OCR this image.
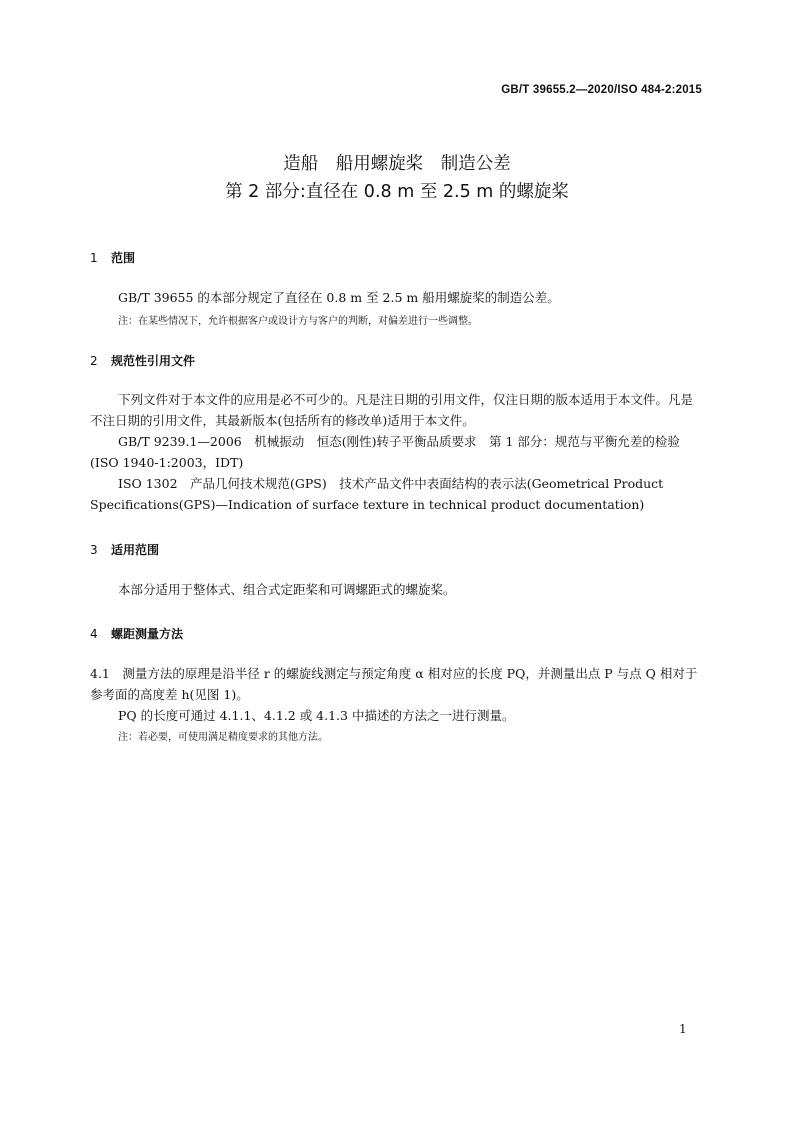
GB/T 39655.2—2020/ISO 484-2:2015
造船　船用螺旋桨　制造公差
第 2 部分:直径在 0.8 m 至 2.5 m 的螺旋桨
1 范围
GB/T 39655 的本部分规定了直径在 0.8 m 至 2.5 m 船用螺旋桨的制造公差。
注：在某些情况下，允许根据客户或设计方与客户的判断，对偏差进行一些调整。
2 规范性引用文件
下列文件对于本文件的应用是必不可少的。凡是注日期的引用文件，仅注日期的版本适用于本文件。凡是不注日期的引用文件，其最新版本(包括所有的修改单)适用于本文件。
GB/T 9239.1—2006　机械振动　恒态(刚性)转子平衡品质要求　第 1 部分：规范与平衡允差的检验(ISO 1940-1:2003，IDT)
ISO 1302　产品几何技术规范(GPS)　技术产品文件中表面结构的表示法(Geometrical Product Specifications(GPS)—Indication of surface texture in technical product documentation)
3 适用范围
本部分适用于整体式、组合式定距桨和可调螺距式的螺旋桨。
4 螺距测量方法
4.1　测量方法的原理是沿半径 r 的螺旋线测定与预定角度 α 相对应的长度 PQ，并测量出点 P 与点 Q 相对于参考面的高度差 h(见图 1)。
PQ 的长度可通过 4.1.1、4.1.2 或 4.1.3 中描述的方法之一进行测量。
注：若必要，可使用满足精度要求的其他方法。
1
